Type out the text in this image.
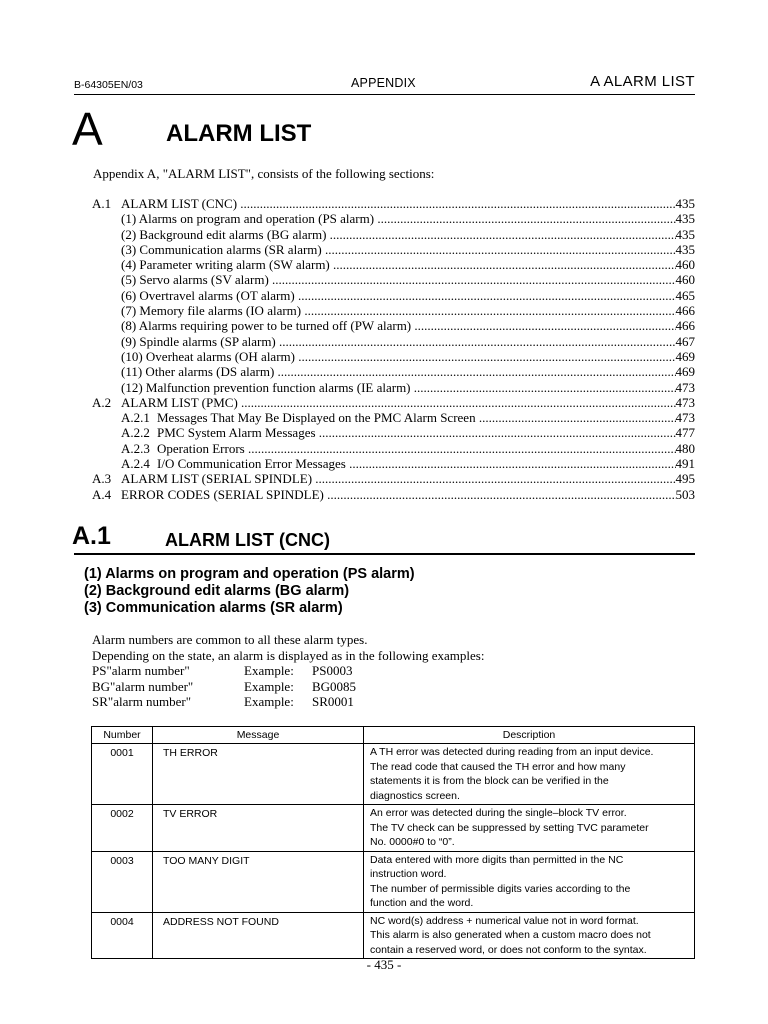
B-64305EN/03	APPENDIX	A ALARM LIST
A	ALARM LIST
Appendix A, "ALARM LIST", consists of the following sections:
A.1 ALARM LIST (CNC) .....	435
(1) Alarms on program and operation (PS alarm) .....	435
(2) Background edit alarms (BG alarm) .....	435
(3) Communication alarms (SR alarm) .....	435
(4) Parameter writing alarm (SW alarm) .....	460
(5) Servo alarms (SV alarm) .....	460
(6) Overtravel alarms (OT alarm) .....	465
(7) Memory file alarms (IO alarm) .....	466
(8) Alarms requiring power to be turned off (PW alarm) .....	466
(9) Spindle alarms (SP alarm) .....	467
(10) Overheat alarms (OH alarm) .....	469
(11) Other alarms (DS alarm) .....	469
(12) Malfunction prevention function alarms (IE alarm) .....	473
A.2 ALARM LIST (PMC) .....	473
A.2.1 Messages That May Be Displayed on the PMC Alarm Screen .....	473
A.2.2 PMC System Alarm Messages .....	477
A.2.3 Operation Errors .....	480
A.2.4 I/O Communication Error Messages .....	491
A.3 ALARM LIST (SERIAL SPINDLE) .....	495
A.4 ERROR CODES (SERIAL SPINDLE) .....	503
A.1	ALARM LIST (CNC)
(1) Alarms on program and operation (PS alarm)
(2) Background edit alarms (BG alarm)
(3) Communication alarms (SR alarm)
Alarm numbers are common to all these alarm types.
Depending on the state, an alarm is displayed as in the following examples:
PS"alarm number"	Example: PS0003
BG"alarm number"	Example: BG0085
SR"alarm number"	Example: SR0001
Number	Message	Description
0001	TH ERROR	A TH error was detected during reading from an input device.
The read code that caused the TH error and how many
statements it is from the block can be verified in the
diagnostics screen.

0002	TV ERROR	An error was detected during the single–block TV error.
The TV check can be suppressed by setting TVC parameter
No. 0000#0 to “0”.

0003	TOO MANY DIGIT	Data entered with more digits than permitted in the NC
instruction word.
The number of permissible digits varies according to the
function and the word.

0004	ADDRESS NOT FOUND	NC word(s) address + numerical value not in word format.
This alarm is also generated when a custom macro does not
contain a reserved word, or does not conform to the syntax.
- 435 -
